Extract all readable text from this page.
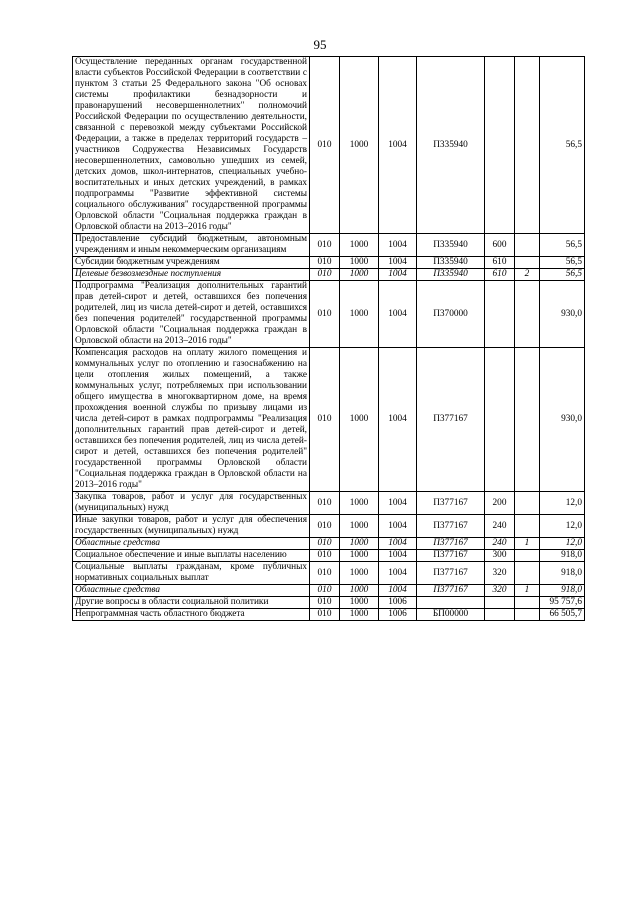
95
Осуществление переданных органам государственной власти субъектов Российской Федерации в соответствии с пунктом 3 статьи 25 Федерального закона "Об основах системы профилактики безнадзорности и правонарушений несовершеннолетних" полномочий Российской Федерации по осуществлению деятельности, связанной с перевозкой между субъектами Российской Федерации, а также в пределах территорий государств – участников Содружества Независимых Государств несовершеннолетних, самовольно ушедших из семей, детских домов, школ-интернатов, специальных учебно-воспитательных и иных детских учреждений, в рамках подпрограммы "Развитие эффективной системы социального обслуживания" государственной программы Орловской области "Социальная поддержка граждан в Орловской области на 2013–2016 годы"	010	1000	1004	П335940			56,5
Предоставление субсидий бюджетным, автономным учреждениям и иным некоммерческим организациям	010	1000	1004	П335940	600		56,5
Субсидии бюджетным учреждениям	010	1000	1004	П335940	610		56,5
Целевые безвозмездные поступления	010	1000	1004	П335940	610	2	56,5
Подпрограмма "Реализация дополнительных гарантий прав детей-сирот и детей, оставшихся без попечения родителей, лиц из числа детей-сирот и детей, оставшихся без попечения родителей" государственной программы Орловской области "Социальная поддержка граждан в Орловской области на 2013–2016 годы"	010	1000	1004	П370000			930,0
Компенсация расходов на оплату жилого помещения и коммунальных услуг по отоплению и газоснабжению на цели отопления жилых помещений, а также коммунальных услуг, потребляемых при использовании общего имущества в многоквартирном доме, на время прохождения военной службы по призыву лицами из числа детей-сирот в рамках подпрограммы "Реализация дополнительных гарантий прав детей-сирот и детей, оставшихся без попечения родителей, лиц из числа детей-сирот и детей, оставшихся без попечения родителей" государственной программы Орловской области "Социальная поддержка граждан в Орловской области на 2013–2016 годы"	010	1000	1004	П377167			930,0
Закупка товаров, работ и услуг для государственных (муниципальных) нужд	010	1000	1004	П377167	200		12,0
Иные закупки товаров, работ и услуг для обеспечения государственных (муниципальных) нужд	010	1000	1004	П377167	240		12,0
Областные средства	010	1000	1004	П377167	240	1	12,0
Социальное обеспечение и иные выплаты населению	010	1000	1004	П377167	300		918,0
Социальные выплаты гражданам, кроме публичных нормативных социальных выплат	010	1000	1004	П377167	320		918,0
Областные средства	010	1000	1004	П377167	320	1	918,0
Другие вопросы в области социальной политики	010	1000	1006				95 757,6
Непрограммная часть областного бюджета	010	1000	1006	БП00000			66 505,7
